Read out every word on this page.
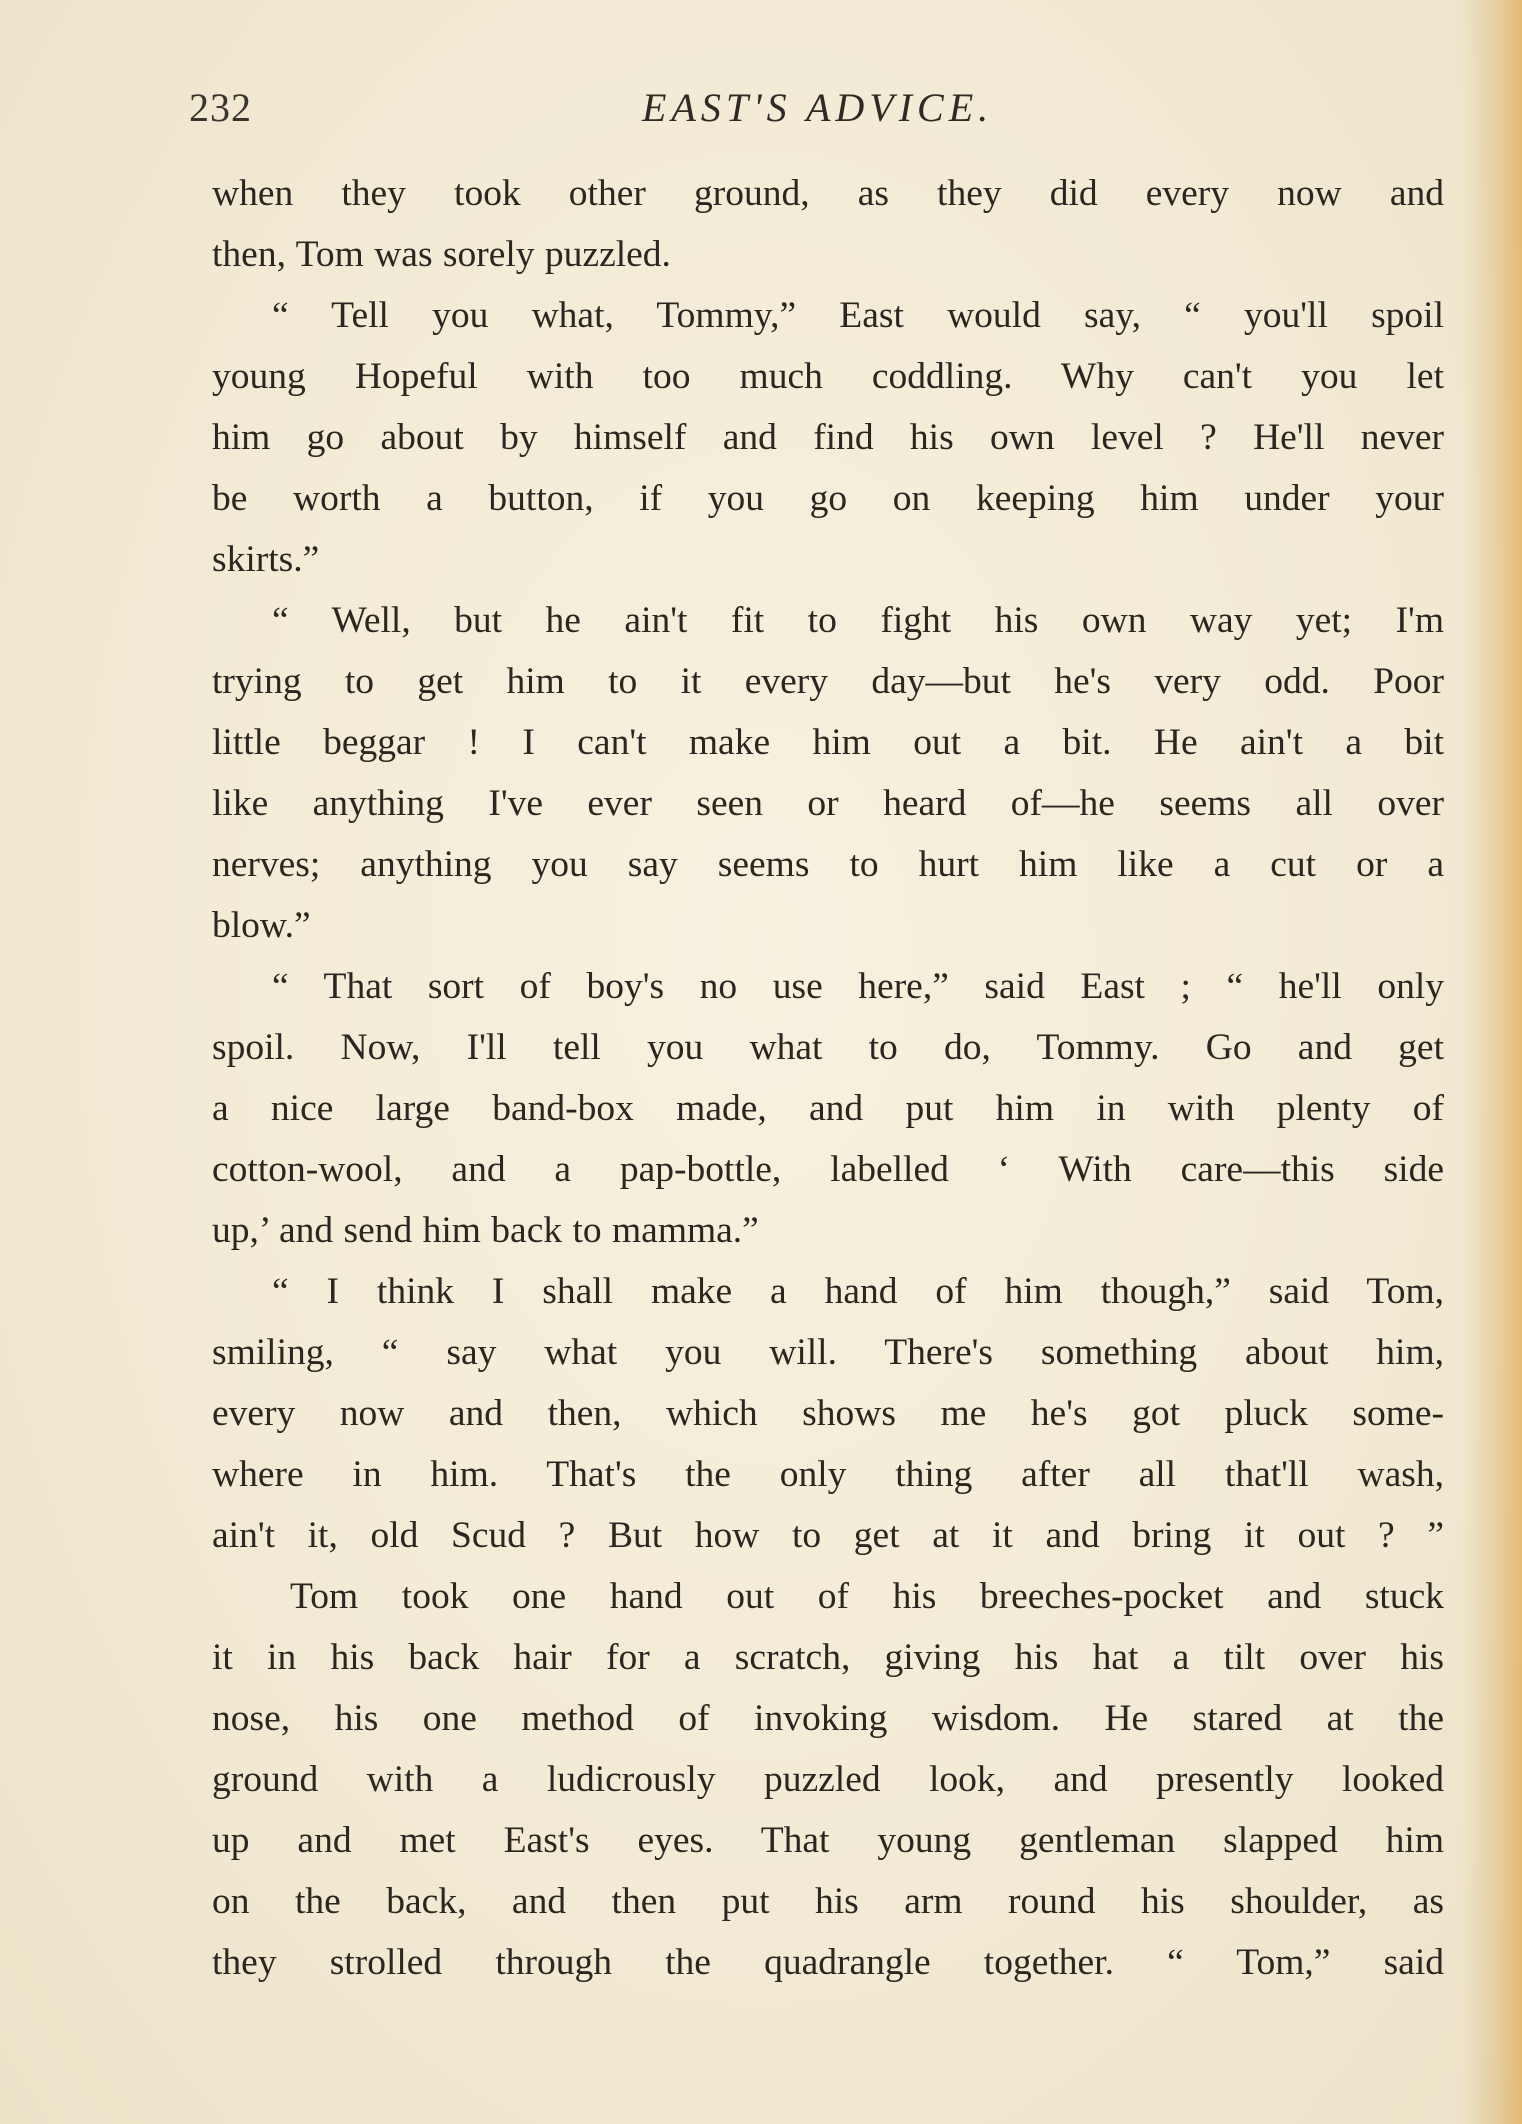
232	EAST'S ADVICE.
when they took other ground, as they did every now and
then, Tom was sorely puzzled.
“ Tell you what, Tommy,” East would say, “ you'll spoil
young Hopeful with too much coddling. Why can't you let
him go about by himself and find his own level ? He'll never
be worth a button, if you go on keeping him under your
skirts.”
“ Well, but he ain't fit to fight his own way yet; I'm
trying to get him to it every day—but he's very odd. Poor
little beggar ! I can't make him out a bit. He ain't a bit
like anything I've ever seen or heard of—he seems all over
nerves; anything you say seems to hurt him like a cut or a
blow.”
“ That sort of boy's no use here,” said East ; “ he'll only
spoil. Now, I'll tell you what to do, Tommy. Go and get
a nice large band-box made, and put him in with plenty of
cotton-wool, and a pap-bottle, labelled ‘ With care—this side
up,’ and send him back to mamma.”
“ I think I shall make a hand of him though,” said Tom,
smiling, “ say what you will. There's something about him,
every now and then, which shows me he's got pluck some-
where in him. That's the only thing after all that'll wash,
ain't it, old Scud ? But how to get at it and bring it out ? ”
Tom took one hand out of his breeches-pocket and stuck
it in his back hair for a scratch, giving his hat a tilt over his
nose, his one method of invoking wisdom. He stared at the
ground with a ludicrously puzzled look, and presently looked
up and met East's eyes. That young gentleman slapped him
on the back, and then put his arm round his shoulder, as
they strolled through the quadrangle together. “ Tom,” said
